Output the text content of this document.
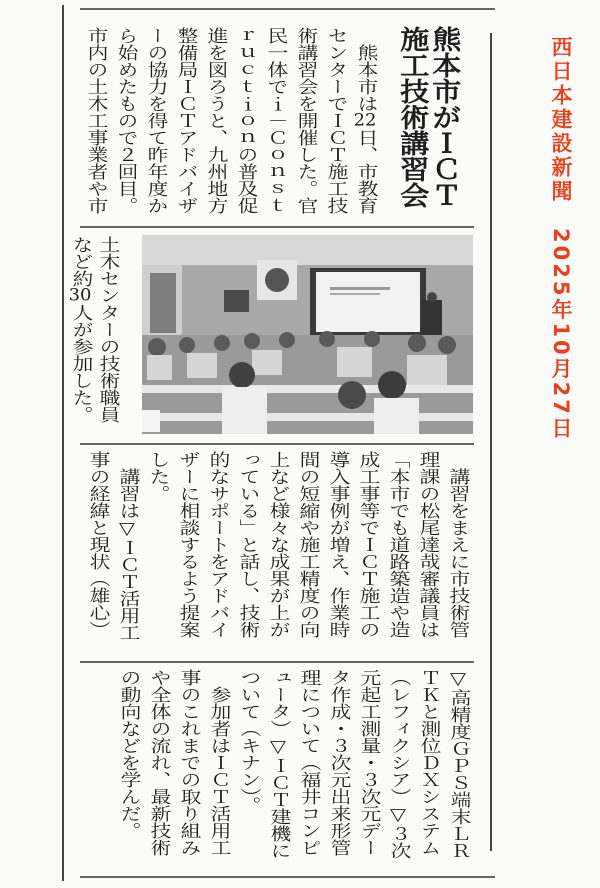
西日本建設新聞　2025年10月27日
熊本市がＩＣＴ
施工技術講習会
　熊本市は22日、市教育
センターでＩＣＴ施工技
術講習会を開催した。官
民一体でｉ－Ｃｏｎｓｔ
ｒｕｃｔｉｏｎの普及促
進を図ろうと、九州地方
整備局ＩＣＴアドバイザ
ーの協力を得て昨年度か
ら始めたもので２回目。
市内の土木工事業者や市
土木センターの技術職員
など約30人が参加した。
　講習をまえに市技術管
理課の松尾達哉審議員は
「本市でも道路築造や造
成工事等でＩＣＴ施工の
導入事例が増え、作業時
間の短縮や施工精度の向
上など様々な成果が上が
っている」と話し、技術
的なサポートをアドバイ
ザーに相談するよう提案
した。
　講習は▽ＩＣＴ活用工
事の経緯と現状（雄心）
▽高精度ＧＰＳ端末ＬＲ
ＴＫと測位ＤＸシステム
（レフィクシア）▽３次
元起工測量・３次元デー
タ作成・３次元出来形管
理について（福井コンピ
ュータ）▽ＩＣＴ建機に
ついて（キナン）。
　参加者はＩＣＴ活用工
事のこれまでの取り組み
や全体の流れ、最新技術
の動向などを学んだ。
